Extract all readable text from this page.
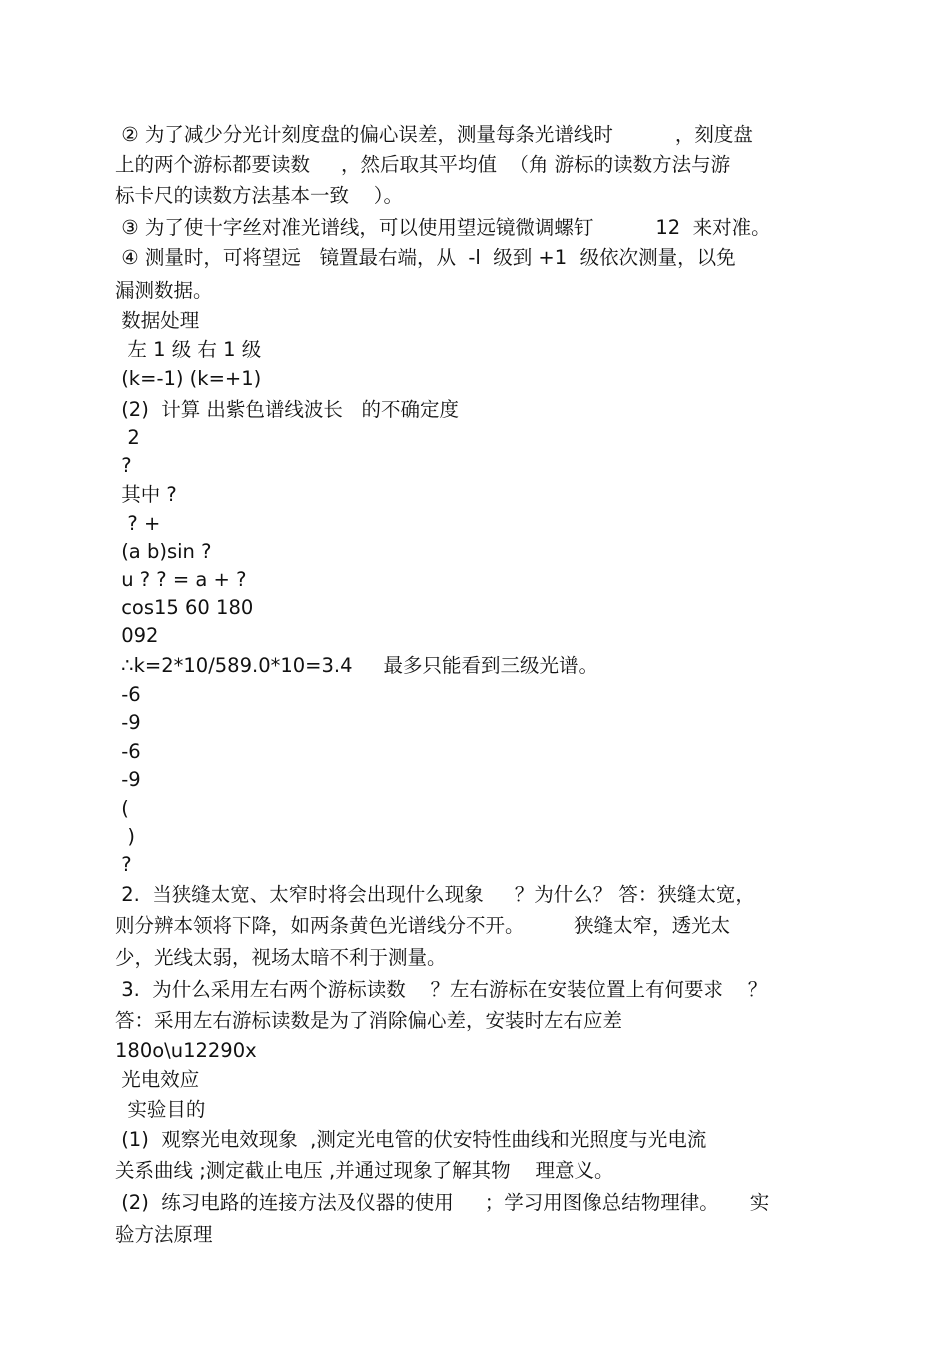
② 为了减少分光计刻度盘的偏心误差，测量每条光谱线时          ，刻度盘
上的两个游标都要读数     ，然后取其平均值  （角 游标的读数方法与游
标卡尺的读数方法基本一致    ）。
③ 为了使十字丝对准光谱线，可以使用望远镜微调螺钉          12  来对准。
④ 测量时，可将望远   镜置最右端，从  -l  级到 +1  级依次测量，以免
漏测数据。
数据处理
左 1 级 右 1 级
(k=-1) (k=+1)
(2)  计算 出紫色谱线波长   的不确定度
2
?
其中 ?
? +
(a b)sin ?
u ? ? = a + ?
cos15 60 180
092
∴k=2*10/589.0*10=3.4     最多只能看到三级光谱。
-6
-9
-6
-9
(
)
?
2.  当狭缝太宽、太窄时将会出现什么现象     ？为什么？ 答：狭缝太宽，
则分辨本领将下降，如两条黄色光谱线分不开。        狭缝太窄，透光太
少，光线太弱，视场太暗不利于测量。
3.  为什么采用左右两个游标读数    ？左右游标在安装位置上有何要求    ？
答：采用左右游标读数是为了消除偏心差，安装时左右应差
180o\u12290x
光电效应
实验目的
(1)  观察光电效现象  ,测定光电管的伏安特性曲线和光照度与光电流
关系曲线 ;测定截止电压 ,并通过现象了解其物    理意义。
(2)  练习电路的连接方法及仪器的使用     ；学习用图像总结物理律。     实
验方法原理
